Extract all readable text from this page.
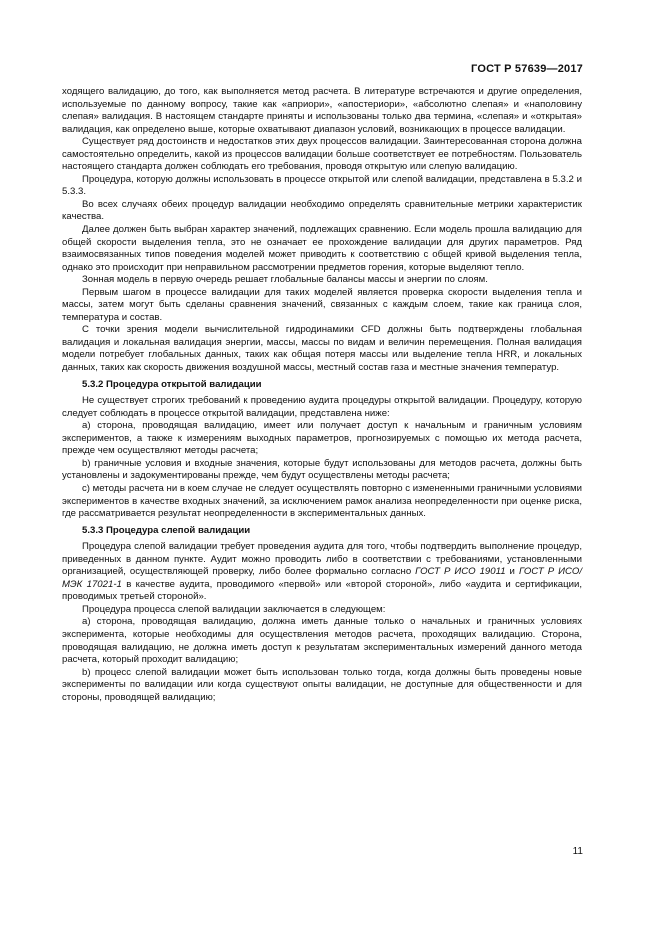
ГОСТ Р 57639—2017

ходящего валидацию, до того, как выполняется метод расчета. В литературе встречаются и другие определения, используемые по данному вопросу, такие как «априори», «апостериори», «абсолютно слепая» и «наполовину слепая» валидация. В настоящем стандарте приняты и использованы только два термина, «слепая» и «открытая» валидация, как определено выше, которые охватывают диапазон условий, возникающих в процессе валидации.

Существует ряд достоинств и недостатков этих двух процессов валидации. Заинтересованная сторона должна самостоятельно определить, какой из процессов валидации больше соответствует ее потребностям. Пользователь настоящего стандарта должен соблюдать его требования, проводя открытую или слепую валидацию.

Процедура, которую должны использовать в процессе открытой или слепой валидации, представлена в 5.3.2 и 5.3.3.

Во всех случаях обеих процедур валидации необходимо определять сравнительные метрики характеристик качества.

Далее должен быть выбран характер значений, подлежащих сравнению. Если модель прошла валидацию для общей скорости выделения тепла, это не означает ее прохождение валидации для других параметров. Ряд взаимосвязанных типов поведения моделей может приводить к соответствию с общей кривой выделения тепла, однако это происходит при неправильном рассмотрении предметов горения, которые выделяют тепло.

Зонная модель в первую очередь решает глобальные балансы массы и энергии по слоям.

Первым шагом в процессе валидации для таких моделей является проверка скорости выделения тепла и массы, затем могут быть сделаны сравнения значений, связанных с каждым слоем, такие как граница слоя, температура и состав.

С точки зрения модели вычислительной гидродинамики CFD должны быть подтверждены глобальная валидация и локальная валидация энергии, массы, массы по видам и величин перемещения. Полная валидация модели потребует глобальных данных, таких как общая потеря массы или выделение тепла HRR, и локальных данных, таких как скорость движения воздушной массы, местный состав газа и местные значения температур.

5.3.2 Процедура открытой валидации

Не существует строгих требований к проведению аудита процедуры открытой валидации. Процедуру, которую следует соблюдать в процессе открытой валидации, представлена ниже:

а) сторона, проводящая валидацию, имеет или получает доступ к начальным и граничным условиям экспериментов, а также к измерениям выходных параметров, прогнозируемых с помощью их метода расчета, прежде чем осуществляют методы расчета;

b) граничные условия и входные значения, которые будут использованы для методов расчета, должны быть установлены и задокументированы прежде, чем будут осуществлены методы расчета;

c) методы расчета ни в коем случае не следует осуществлять повторно с измененными граничными условиями экспериментов в качестве входных значений, за исключением рамок анализа неопределенности при оценке риска, где рассматривается результат неопределенности в экспериментальных данных.

5.3.3 Процедура слепой валидации

Процедура слепой валидации требует проведения аудита для того, чтобы подтвердить выполнение процедур, приведенных в данном пункте. Аудит можно проводить либо в соответствии с требованиями, установленными организацией, осуществляющей проверку, либо более формально согласно ГОСТ Р ИСО 19011 и ГОСТ Р ИСО/МЭК 17021-1 в качестве аудита, проводимого «первой» или «второй стороной», либо «аудита и сертификации, проводимых третьей стороной».

Процедура процесса слепой валидации заключается в следующем:

а) сторона, проводящая валидацию, должна иметь данные только о начальных и граничных условиях эксперимента, которые необходимы для осуществления методов расчета, проходящих валидацию. Сторона, проводящая валидацию, не должна иметь доступ к результатам экспериментальных измерений данного метода расчета, который проходит валидацию;

b) процесс слепой валидации может быть использован только тогда, когда должны быть проведены новые эксперименты по валидации или когда существуют опыты валидации, не доступные для общественности и для стороны, проводящей валидацию;

11
